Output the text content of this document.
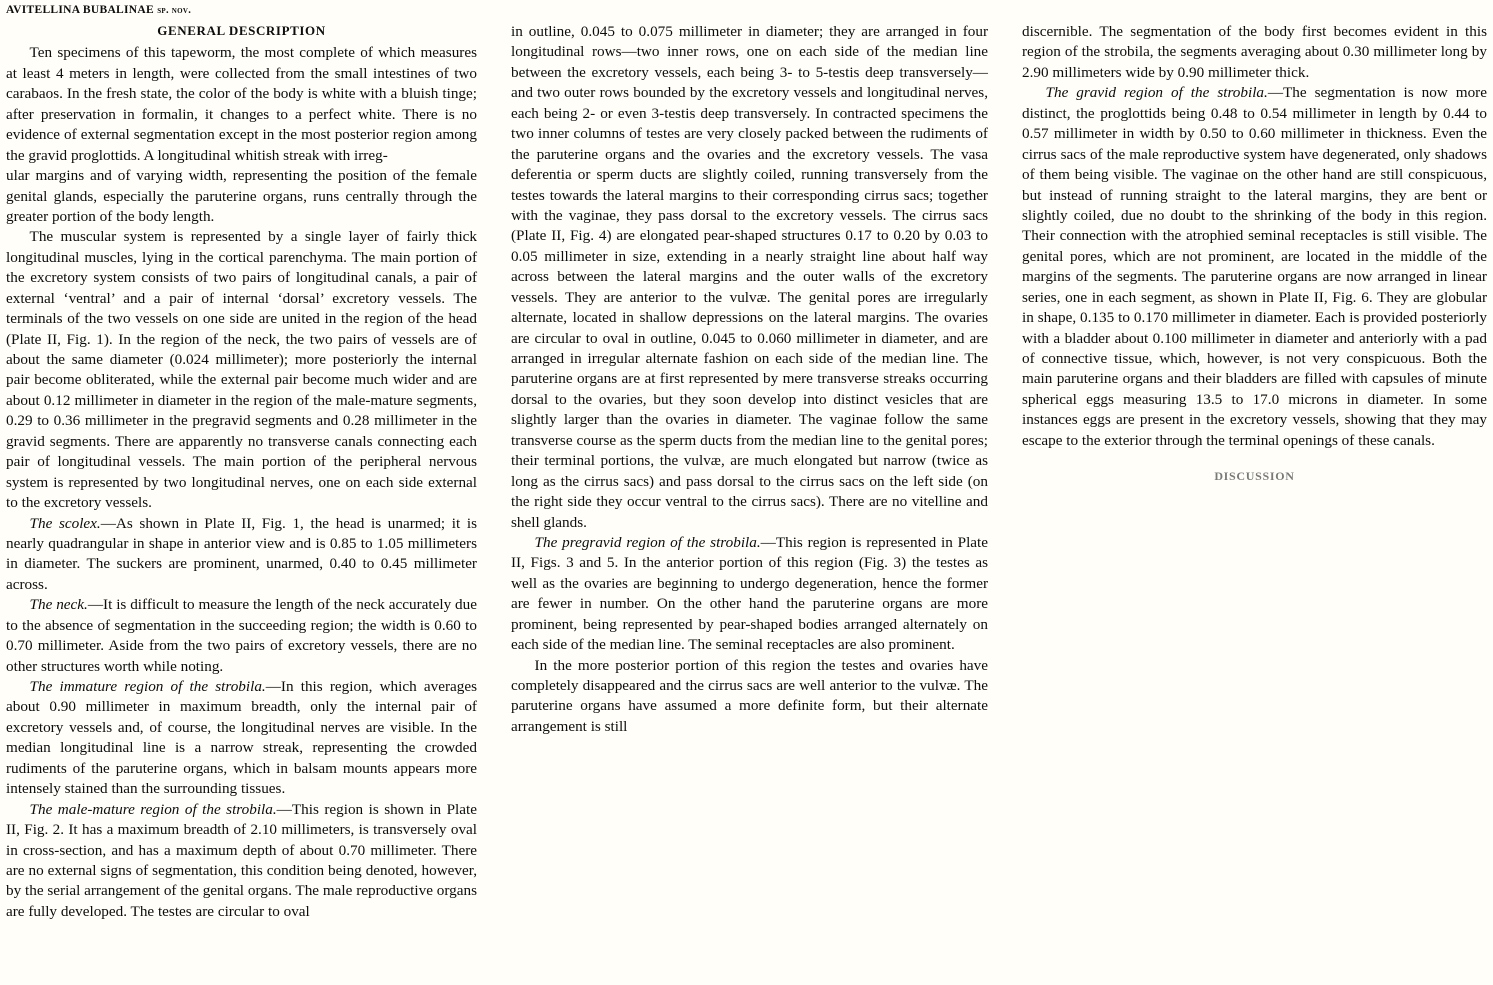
AVITELLINA BUBALINAE sp. nov.
GENERAL DESCRIPTION

Ten specimens of this tapeworm, the most complete of which measures at least 4 meters in length, were collected from the small intestines of two carabaos. In the fresh state, the color of the body is white with a bluish tinge; after preservation in formalin, it changes to a perfect white. There is no evidence of external segmentation except in the most posterior region among the gravid proglottids. A longitudinal whitish streak with irreg-

ular margins and of varying width, representing the position of the female genital glands, especially the paruterine organs, runs centrally through the greater portion of the body length.

The muscular system is represented by a single layer of fairly thick longitudinal muscles, lying in the cortical parenchyma. The main portion of the excretory system consists of two pairs of longitudinal canals, a pair of external ‘ventral’ and a pair of internal ‘dorsal’ excretory vessels. The terminals of the two vessels on one side are united in the region of the head (Plate II, Fig. 1). In the region of the neck, the two pairs of vessels are of about the same diameter (0.024 millimeter); more posteriorly the internal pair become obliterated, while the external pair become much wider and are about 0.12 millimeter in diameter in the region of the male-mature segments, 0.29 to 0.36 millimeter in the pregravid segments and 0.28 millimeter in the gravid segments. There are apparently no transverse canals connecting each pair of longitudinal vessels. The main portion of the peripheral nervous system is represented by two longitudinal nerves, one on each side external to the excretory vessels.

The scolex.—As shown in Plate II, Fig. 1, the head is unarmed; it is nearly quadrangular in shape in anterior view and is 0.85 to 1.05 millimeters in diameter. The suckers are prominent, unarmed, 0.40 to 0.45 millimeter across.

The neck.—It is difficult to measure the length of the neck accurately due to the absence of segmentation in the succeeding region; the width is 0.60 to 0.70 millimeter. Aside from the two pairs of excretory vessels, there are no other structures worth while noting.

The immature region of the strobila.—In this region, which averages about 0.90 millimeter in maximum breadth, only the internal pair of excretory vessels and, of course, the longitudinal nerves are visible. In the median longitudinal line is a narrow streak, representing the crowded rudiments of the paruterine organs, which in balsam mounts appears more intensely stained than the surrounding tissues.

The male-mature region of the strobila.—This region is shown in Plate II, Fig. 2. It has a maximum breadth of 2.10 millimeters, is transversely oval in cross-section, and has a maximum depth of about 0.70 millimeter. There are no external signs of segmentation, this condition being denoted, however, by the serial arrangement of the genital organs. The male reproductive organs are fully developed. The testes are circular to oval

in outline, 0.045 to 0.075 millimeter in diameter; they are arranged in four longitudinal rows—two inner rows, one on each side of the median line between the excretory vessels, each being 3- to 5-testis deep transversely—and two outer rows bounded by the excretory vessels and longitudinal nerves, each being 2- or even 3-testis deep transversely. In contracted specimens the two inner columns of testes are very closely packed between the rudiments of the paruterine organs and the ovaries and the excretory vessels. The vasa deferentia or sperm ducts are slightly coiled, running transversely from the testes towards the lateral margins to their corresponding cirrus sacs; together with the vaginae, they pass dorsal to the excretory vessels. The cirrus sacs (Plate II, Fig. 4) are elongated pear-shaped structures 0.17 to 0.20 by 0.03 to 0.05 millimeter in size, extending in a nearly straight line about half way across between the lateral margins and the outer walls of the excretory vessels. They are anterior to the vulvæ. The genital pores are irregularly alternate, located in shallow depressions on the lateral margins. The ovaries are circular to oval in outline, 0.045 to 0.060 millimeter in diameter, and are arranged in irregular alternate fashion on each side of the median line. The paruterine organs are at first represented by mere transverse streaks occurring dorsal to the ovaries, but they soon develop into distinct vesicles that are slightly larger than the ovaries in diameter. The vaginae follow the same transverse course as the sperm ducts from the median line to the genital pores; their terminal portions, the vulvæ, are much elongated but narrow (twice as long as the cirrus sacs) and pass dorsal to the cirrus sacs on the left side (on the right side they occur ventral to the cirrus sacs). There are no vitelline and shell glands.

The pregravid region of the strobila.—This region is represented in Plate II, Figs. 3 and 5. In the anterior portion of this region (Fig. 3) the testes as well as the ovaries are beginning to undergo degeneration, hence the former are fewer in number. On the other hand the paruterine organs are more prominent, being represented by pear-shaped bodies arranged alternately on each side of the median line. The seminal receptacles are also prominent.

In the more posterior portion of this region the testes and ovaries have completely disappeared and the cirrus sacs are well anterior to the vulvæ. The paruterine organs have assumed a more definite form, but their alternate arrangement is still

discernible. The segmentation of the body first becomes evident in this region of the strobila, the segments averaging about 0.30 millimeter long by 2.90 millimeters wide by 0.90 millimeter thick.

The gravid region of the strobila.—The segmentation is now more distinct, the proglottids being 0.48 to 0.54 millimeter in length by 0.44 to 0.57 millimeter in width by 0.50 to 0.60 millimeter in thickness. Even the cirrus sacs of the male reproductive system have degenerated, only shadows of them being visible. The vaginae on the other hand are still conspicuous, but instead of running straight to the lateral margins, they are bent or slightly coiled, due no doubt to the shrinking of the body in this region. Their connection with the atrophied seminal receptacles is still visible. The genital pores, which are not prominent, are located in the middle of the margins of the segments. The paruterine organs are now arranged in linear series, one in each segment, as shown in Plate II, Fig. 6. They are globular in shape, 0.135 to 0.170 millimeter in diameter. Each is provided posteriorly with a bladder about 0.100 millimeter in diameter and anteriorly with a pad of connective tissue, which, however, is not very conspicuous. Both the main paruterine organs and their bladders are filled with capsules of minute spherical eggs measuring 13.5 to 17.0 microns in diameter. In some instances eggs are present in the excretory vessels, showing that they may escape to the exterior through the terminal openings of these canals.

DISCUSSION
